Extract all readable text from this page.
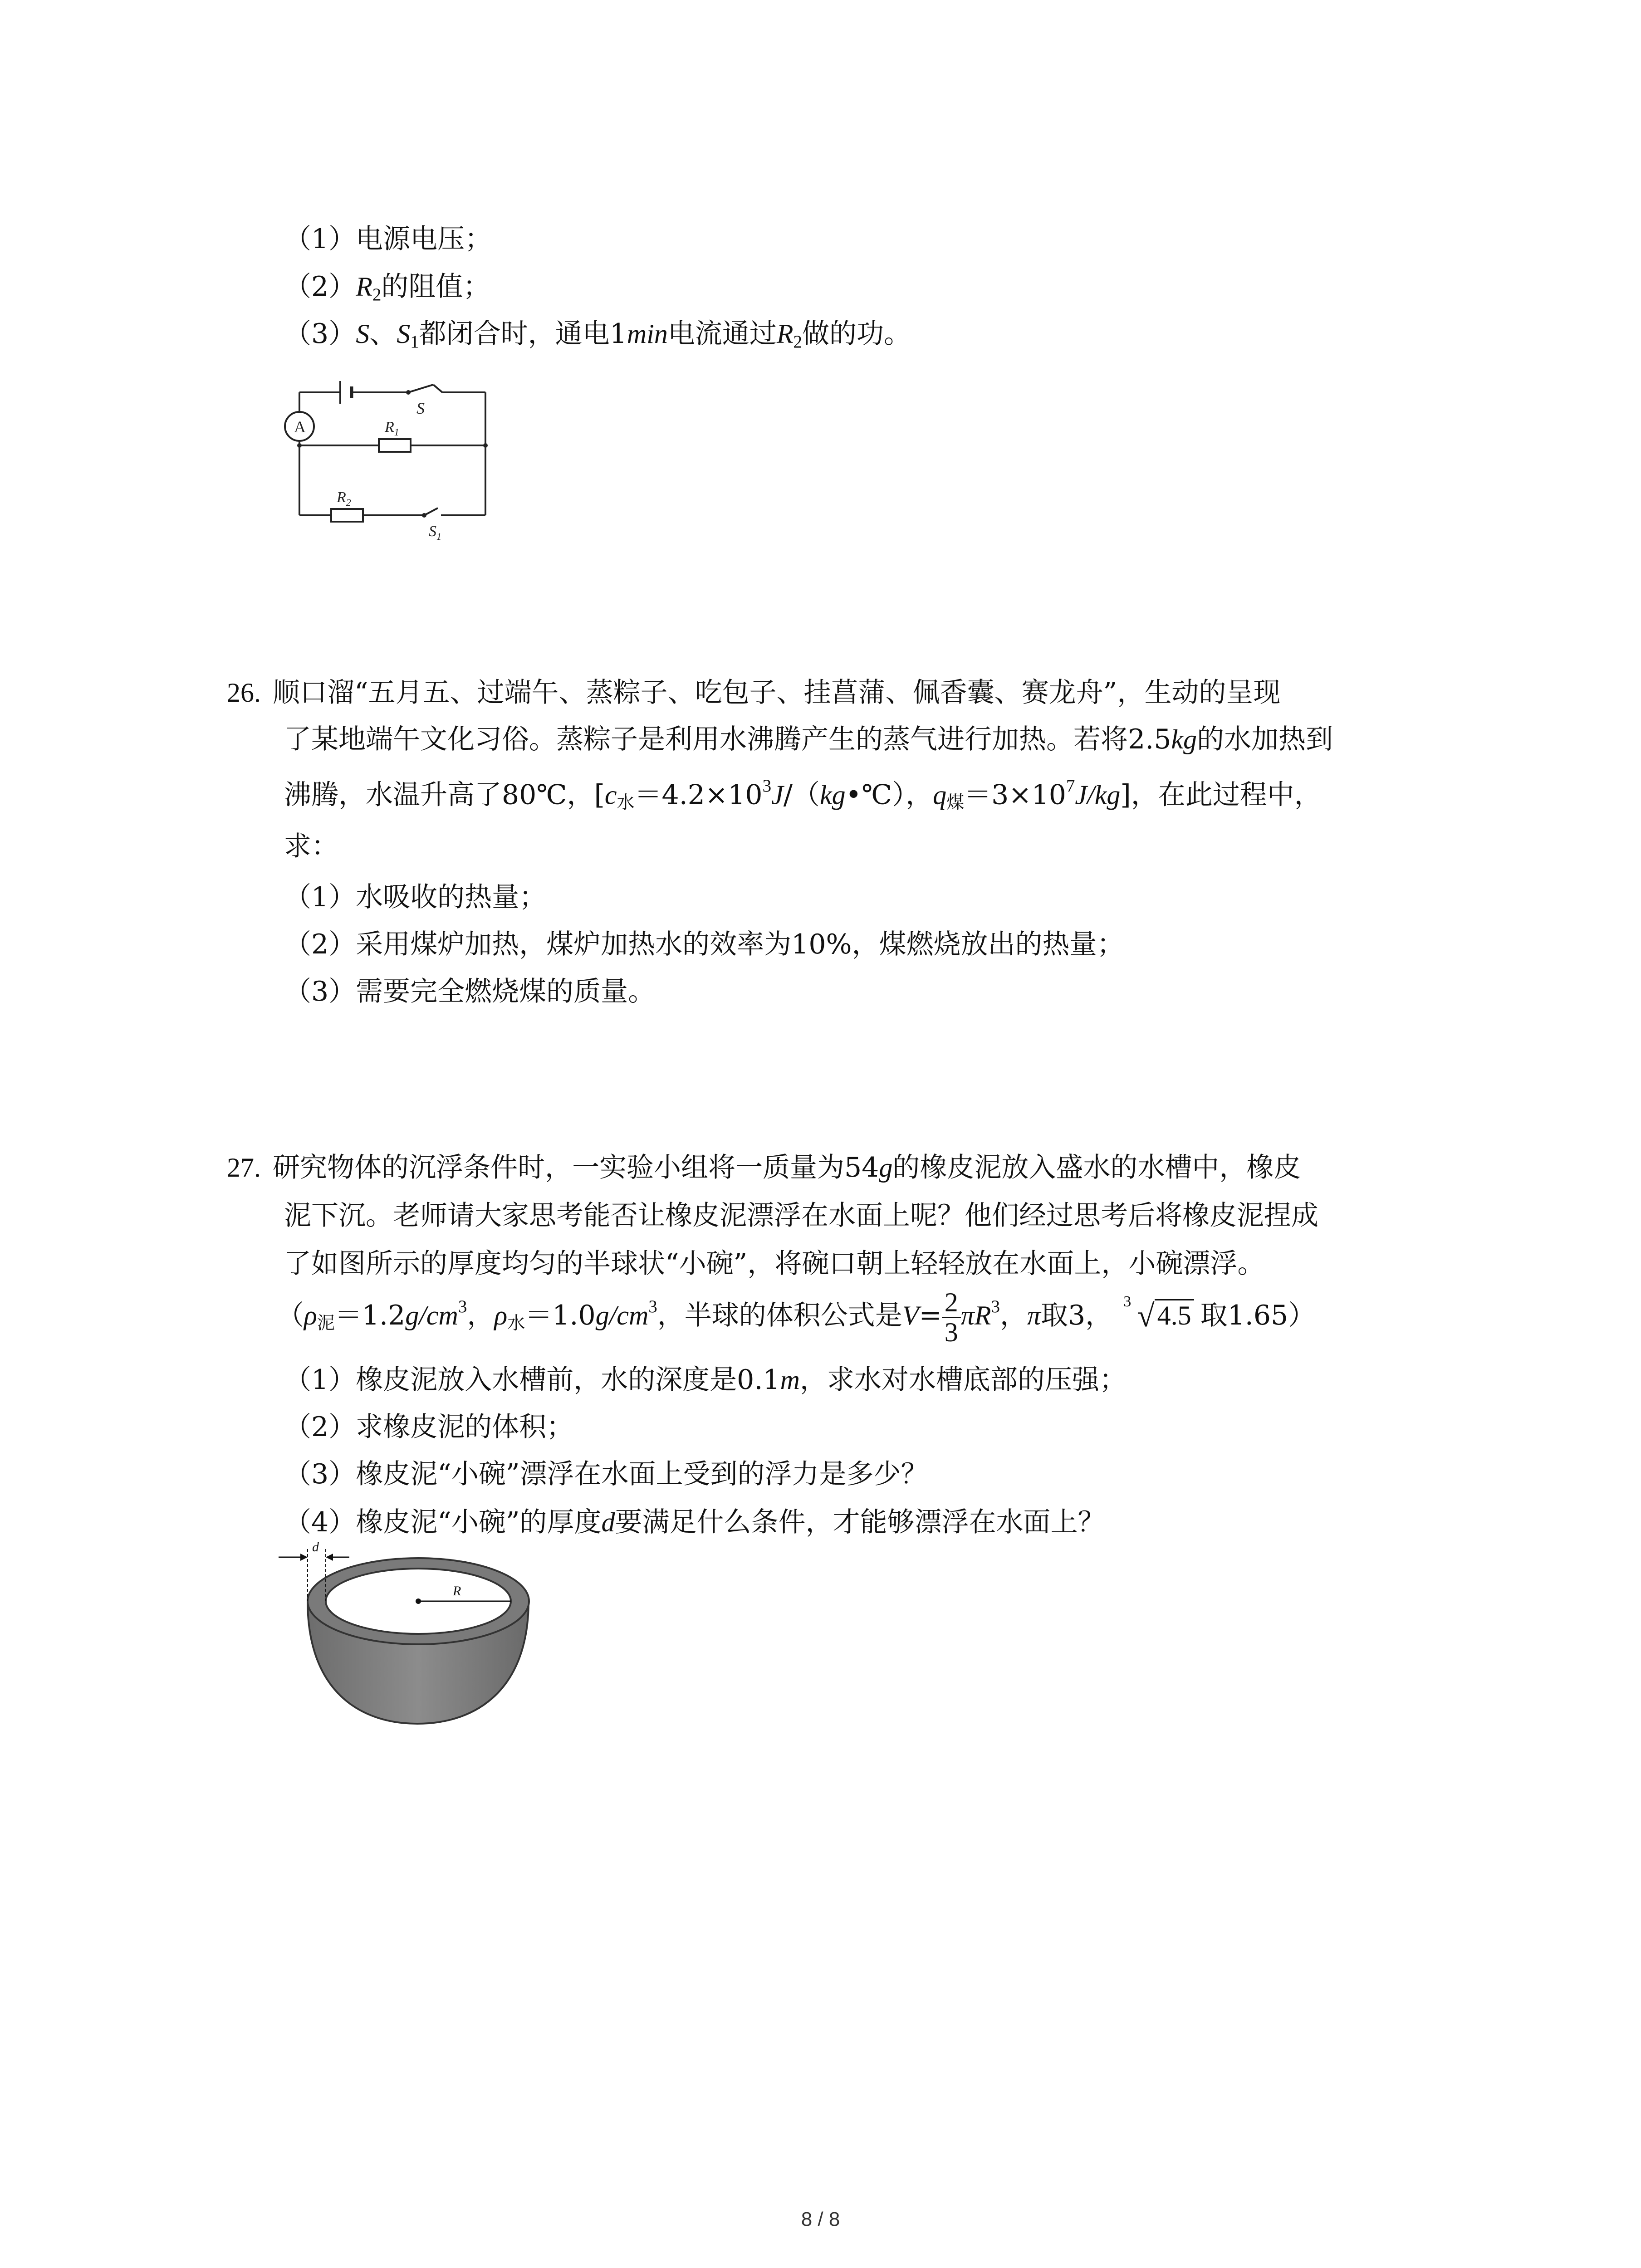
（1）电源电压；
$(2)R_2$的阻值；
（3）S、$S_1$都闭合时，通电1min电流通过$R_2$做的功。
S
A	$R_1$
$R_2$
$S_1$
26. 顺口溜“五月五、过端午、蒸粽子、吃包子、挂菖蒲、佩香囊、赛龙舟”，生动的呈现
了某地端午文化习俗。蒸粽子是利用水沸腾产生的蒸气进行加热。若将2.5kg的水加热到
沸腾，水温升高了80℃，[$c_水=4.2\times 10^3J/(kg•℃)$，$q_煤=3\times 10^7J/kg$]，在此过程中，
求：
（1）水吸收的热量；
（2）采用煤炉加热，煤炉加热水的效率为10%，煤燃烧放出的热量；
（3）需要完全燃烧煤的质量。
27. 研究物体的沉浮条件时，一实验小组将一质量为54g的橡皮泥放入盛水的水槽中，橡皮
泥下沉。老师请大家思考能否让橡皮泥漂浮在水面上呢？他们经过思考后将橡皮泥捏成
了如图所示的厚度均匀的半球状“小碗”，将碗口朝上轻轻放在水面上，小碗漂浮。
（$\rho_泥=1.2g/cm^3$，$\rho_水=1.0g/cm^3$，半球的体积公式是$V= \frac{2}{3} \pi R^3$，π取3， 3 √ 4.5 取1.65）
（1）橡皮泥放入水槽前，水的深度是0.1m，求水对水槽底部的压强；
（2）求橡皮泥的体积；
（3）橡皮泥“小碗”漂浮在水面上受到的浮力是多少？
（4）橡皮泥“小碗”的厚度d要满足什么条件，才能够漂浮在水面上？
R
d
8 / 8
